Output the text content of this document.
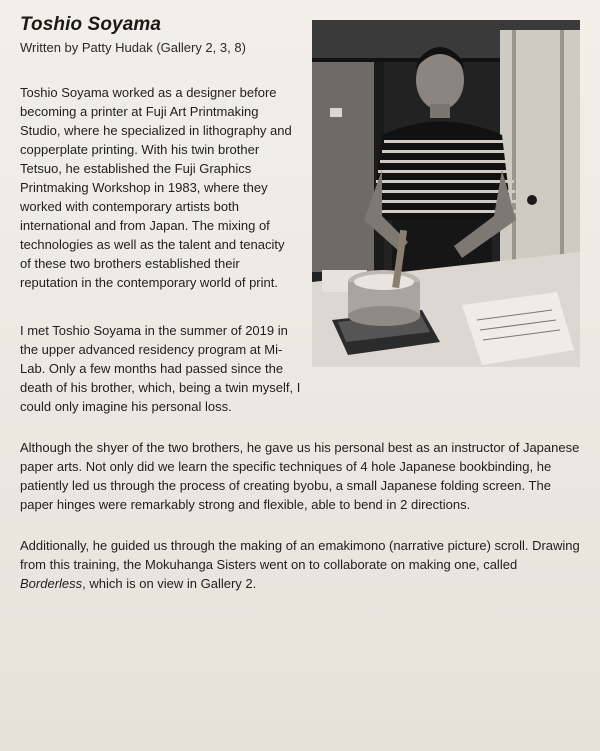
Toshio Soyama
Written by Patty Hudak (Gallery 2, 3, 8)

Toshio Soyama worked as a designer before becoming a printer at Fuji Art Printmaking Studio, where he specialized in lithography and copperplate printing. With his twin brother Tetsuo, he established the Fuji Graphics Printmaking Workshop in 1983, where they worked with contemporary artists both international and from Japan. The mixing of technologies as well as the talent and tenacity of these two brothers established their reputation in the contemporary world of print.

I met Toshio Soyama in the summer of 2019 in the upper advanced residency program at Mi-Lab. Only a few months had passed since the death of his brother, which, being a twin myself, I could only imagine his personal loss.

Although the shyer of the two brothers, he gave us his personal best as an instructor of Japanese paper arts. Not only did we learn the specific techniques of 4 hole Japanese bookbinding, he patiently led us through the process of creating byobu, a small Japanese folding screen. The paper hinges were remarkably strong and flexible, able to bend in 2 directions.

Additionally, he guided us through the making of an emakimono (narrative picture) scroll. Drawing from this training, the Mokuhanga Sisters went on to collaborate on making one, called Borderless, which is on view in Gallery 2.
